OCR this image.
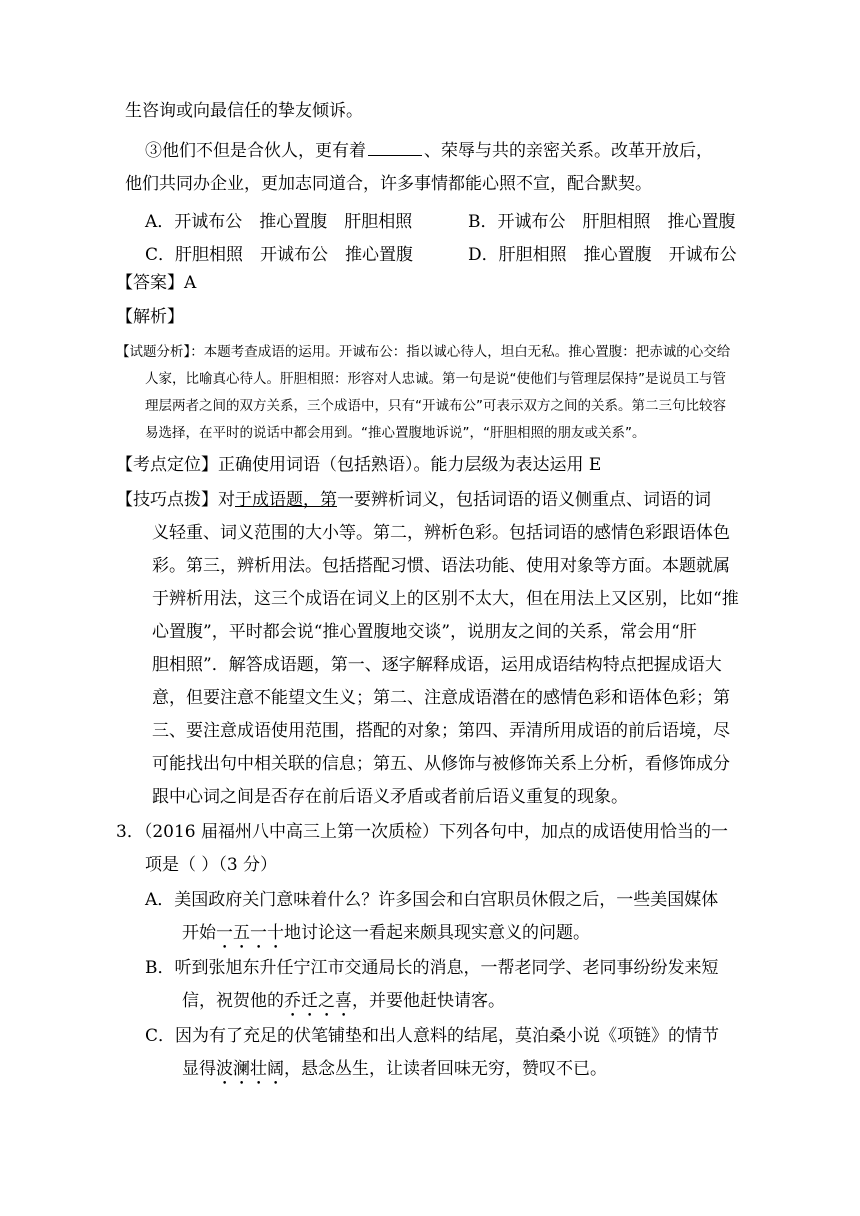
生咨询或向最信任的挚友倾诉。
③他们不但是合伙人，更有着	、荣辱与共的亲密关系。改革开放后，
他们共同办企业，更加志同道合，许多事情都能心照不宣，配合默契。
A．开诚布公　推心置腹　肝胆相照	B．开诚布公　肝胆相照　推心置腹
C．肝胆相照　开诚布公　推心置腹	D．肝胆相照　推心置腹　开诚布公
【答案】A
【解析】
【试题分析】：本题考查成语的运用。开诚布公：指以诚心待人，坦白无私。推心置腹：把赤诚的心交给
人家，比喻真心待人。肝胆相照：形容对人忠诚。第一句是说“使他们与管理层保持”是说员工与管
理层两者之间的双方关系，三个成语中，只有“开诚布公”可表示双方之间的关系。第二三句比较容
易选择，在平时的说话中都会用到。“推心置腹地诉说”，“肝胆相照的朋友或关系”。
【考点定位】正确使用词语（包括熟语）。能力层级为表达运用 E
【技巧点拨】对于成语题，第一要辨析词义，包括词语的语义侧重点、词语的词
义轻重、词义范围的大小等。第二，辨析色彩。包括词语的感情色彩跟语体色
彩。第三，辨析用法。包括搭配习惯、语法功能、使用对象等方面。本题就属
于辨析用法，这三个成语在词义上的区别不太大，但在用法上又区别，比如“推
心置腹”，平时都会说“推心置腹地交谈”，说朋友之间的关系，常会用“肝
胆相照”．解答成语题，第一、逐字解释成语，运用成语结构特点把握成语大
意，但要注意不能望文生义；第二、注意成语潜在的感情色彩和语体色彩；第
三、要注意成语使用范围，搭配的对象；第四、弄清所用成语的前后语境，尽
可能找出句中相关联的信息；第五、从修饰与被修饰关系上分析，看修饰成分
跟中心词之间是否存在前后语义矛盾或者前后语义重复的现象。
3．（2016 届福州八中高三上第一次质检）下列各句中，加点的成语使用恰当的一
项是（ ）（3 分）
A．美国政府关门意味着什么？许多国会和白宫职员休假之后，一些美国媒体
开始一五一十地讨论这一看起来颇具现实意义的问题。
B．听到张旭东升任宁江市交通局长的消息，一帮老同学、老同事纷纷发来短
信，祝贺他的乔迁之喜，并要他赶快请客。
C．因为有了充足的伏笔铺垫和出人意料的结尾，莫泊桑小说《项链》的情节
显得波澜壮阔，悬念丛生，让读者回味无穷，赞叹不已。
